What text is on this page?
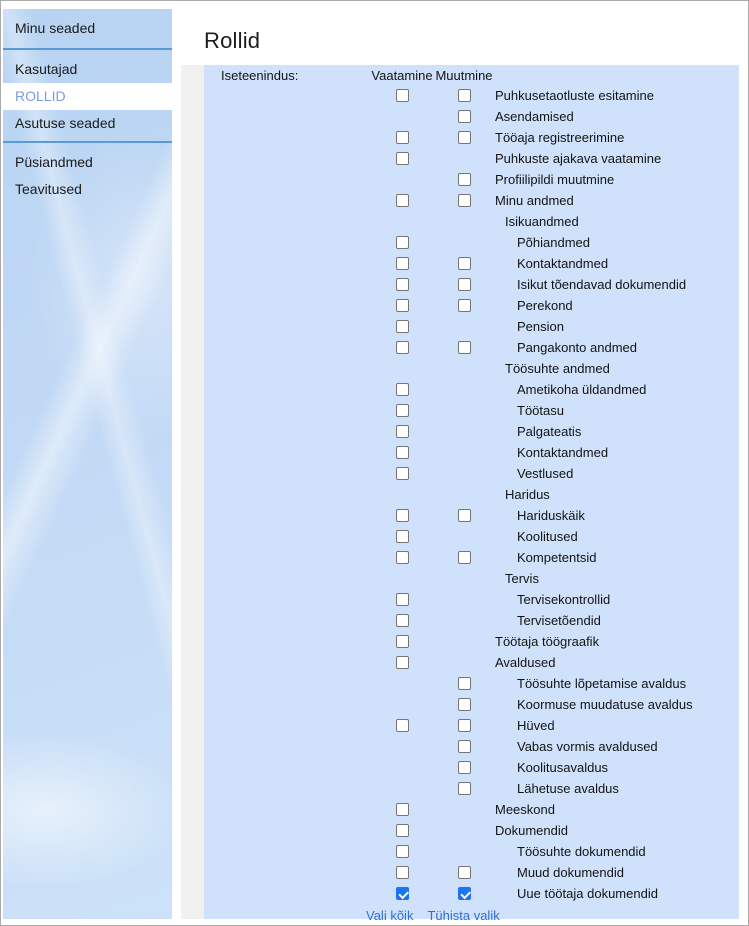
Minu seaded
Kasutajad
ROLLID
Asutuse seaded
Püsiandmed
Teavitused
Rollid
Iseteenindus:	Vaatamine Muutmine
Puhkusetaotluste esitamine
Asendamised
Tööaja registreerimine
Puhkuste ajakava vaatamine
Profiilipildi muutmine
Minu andmed
Isikuandmed
Põhiandmed
Kontaktandmed
Isikut tõendavad dokumendid
Perekond
Pension
Pangakonto andmed
Töösuhte andmed
Ametikoha üldandmed
Töötasu
Palgateatis
Kontaktandmed
Vestlused
Haridus
Hariduskäik
Koolitused
Kompetentsid
Tervis
Tervisekontrollid
Tervisetõendid
Töötaja töögraafik
Avaldused
Töösuhte lõpetamise avaldus
Koormuse muudatuse avaldus
Hüved
Vabas vormis avaldused
Koolitusavaldus
Lähetuse avaldus
Meeskond
Dokumendid
Töösuhte dokumendid
Muud dokumendid
Uue töötaja dokumendid
Vali kõik Tühista valik
